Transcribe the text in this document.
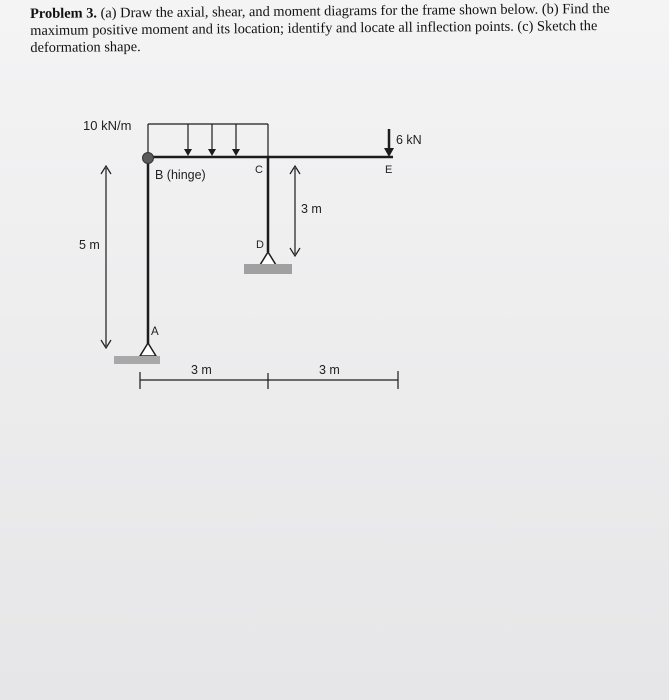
Problem 3. (a) Draw the axial, shear, and moment diagrams for the frame shown below. (b) Find the maximum positive moment and its location; identify and locate all inflection points. (c) Sketch the deformation shape.
10 kN/m
6 kN
B (hinge)	C	E
D
A
5 m
3 m
3 m	3 m
